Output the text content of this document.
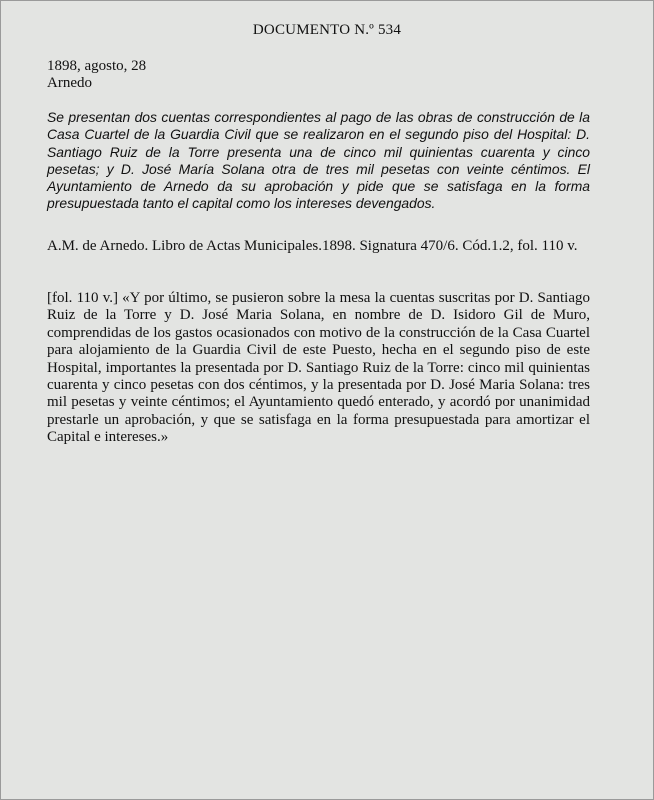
DOCUMENTO N.º 534
1898, agosto, 28
Arnedo
Se presentan dos cuentas correspondientes al pago de las obras de construcción de la Casa Cuartel de la Guardia Civil que se realizaron en el segundo piso del Hospital: D. Santiago Ruiz de la Torre presenta una de cinco mil quinientas cuarenta y cinco pesetas; y D. José María Solana otra de tres mil pesetas con veinte céntimos. El Ayuntamiento de Arnedo da su aprobación y pide que se satisfaga en la forma presupuestada tanto el capital como los intereses devengados.
A.M. de Arnedo. Libro de Actas Municipales.1898. Signatura 470/6. Cód.1.2, fol. 110 v.
[fol. 110 v.] «Y por último, se pusieron sobre la mesa la cuentas suscritas por D. Santiago Ruiz de la Torre y D. José Maria Solana, en nombre de D. Isidoro Gil de Muro, comprendidas de los gastos ocasionados con motivo de la construcción de la Casa Cuartel para alojamiento de la Guardia Civil de este Puesto, hecha en el segundo piso de este Hospital, importantes la presentada por D. Santiago Ruiz de la Torre: cinco mil quinientas cuarenta y cinco pesetas con dos céntimos, y la presentada por D. José Maria Solana: tres mil pesetas y veinte céntimos; el Ayuntamiento quedó enterado, y acordó por unanimidad prestarle un aprobación, y que se satisfaga en la forma presupuestada para amortizar el Capital e intereses.»
